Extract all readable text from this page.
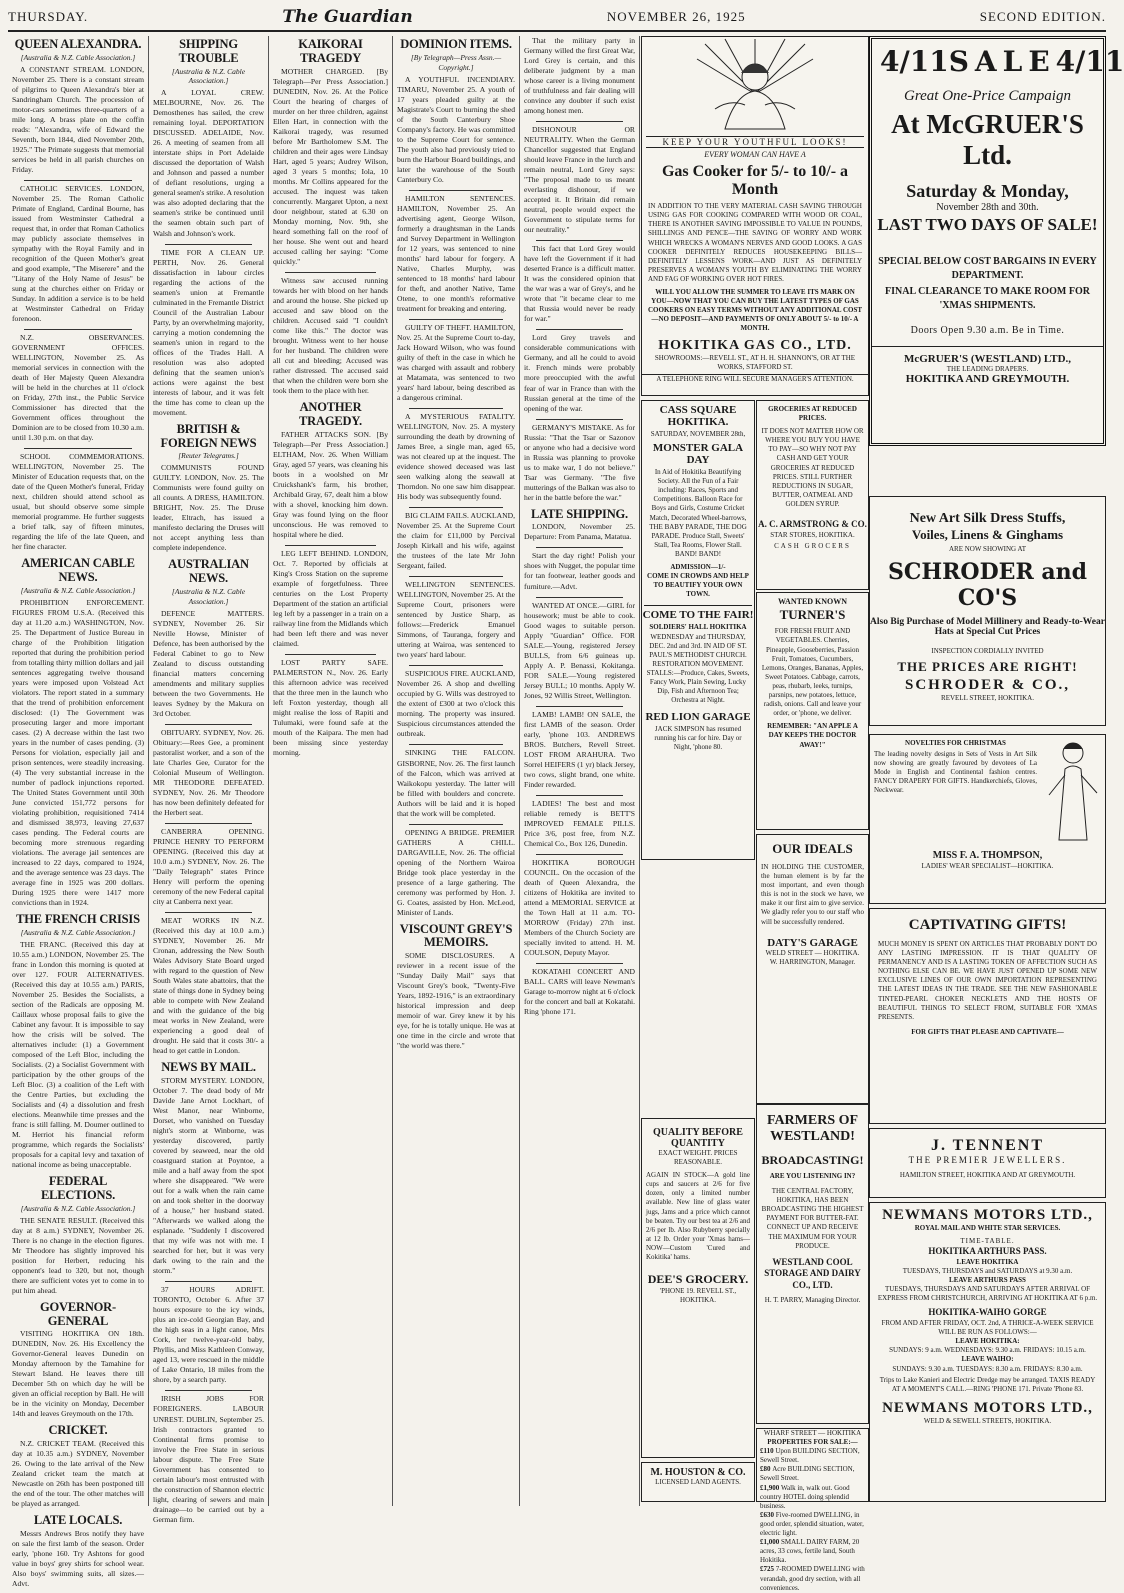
THURSDAY.	The Guardian	NOVEMBER 26, 1925	SECOND EDITION.
QUEEN ALEXANDRA.
[Australia & N.Z. Cable Association.]

A CONSTANT STREAM. LONDON, November 25. There is a constant stream of pilgrims to Queen Alexandra's bier at Sandringham Church. The procession of motor-cars sometimes three-quarters of a mile long. A brass plate on the coffin reads: "Alexandra, wife of Edward the Seventh, born 1844, died November 20th, 1925." The Primate suggests that memorial services be held in all parish churches on Friday.

CATHOLIC SERVICES. LONDON, November 25. The Roman Catholic Primate of England, Cardinal Bourne, has issued from Westminster Cathedral a request that, in order that Roman Catholics may publicly associate themselves in sympathy with the Royal Family and in recognition of the Queen Mother's great and good example, "The Miserere" and the "Litany of the Holy Name of Jesus" be sung at the churches either on Friday or Sunday. In addition a service is to be held at Westminster Cathedral on Friday forenoon.

N.Z. OBSERVANCES. GOVERNMENT OFFICES. WELLINGTON, November 25. As memorial services in connection with the death of Her Majesty Queen Alexandra will be held in the churches at 11 o'clock on Friday, 27th inst., the Public Service Commissioner has directed that the Government offices throughout the Dominion are to be closed from 10.30 a.m. until 1.30 p.m. on that day.

SCHOOL COMMEMORATIONS. WELLINGTON, November 25. The Minister of Education requests that, on the date of the Queen Mother's funeral, Friday next, children should attend school as usual, but should observe some simple memorial programme. He further suggests a brief talk, say of fifteen minutes, regarding the life of the late Queen, and her fine character.

AMERICAN CABLE NEWS.
[Australia & N.Z. Cable Association.]

PROHIBITION ENFORCEMENT. FIGURES FROM U.S.A. (Received this day at 11.20 a.m.) WASHINGTON, Nov. 25. The Department of Justice Bureau in charge of the Prohibition litigation reported that during the prohibition period from totalling thirty million dollars and jail sentences aggregating twelve thousand years were imposed upon Volstead Act violators. The report stated in a summary that the trend of prohibition enforcement disclosed: (1) The Government was prosecuting larger and more important cases. (2) A decrease within the last two years in the number of cases pending. (3) Persons for violation, especially jail and prison sentences, were steadily increasing. (4) The very substantial increase in the number of padlock injunctions reported. The United States Government until 30th June convicted 151,772 persons for violating prohibition, requisitioned 7414 and dismissed 38,973, leaving 27,637 cases pending. The Federal courts are becoming more strenuous regarding violations. The average jail sentences are increased to 22 days, compared to 1924, and the average sentence was 23 days. The average fine in 1925 was 200 dollars. During 1925 there were 1417 more convictions than in 1924.

THE FRENCH CRISIS
[Australia & N.Z. Cable Association.]

THE FRANC. (Received this day at 10.55 a.m.) LONDON, November 25. The franc in London this morning is quoted at over 127. FOUR ALTERNATIVES. (Received this day at 10.55 a.m.) PARIS, November 25. Besides the Socialists, a section of the Radicals are opposing M. Caillaux whose proposal fails to give the Cabinet any favour. It is impossible to say how the crisis will be solved. The alternatives include: (1) a Government composed of the Left Bloc, including the Socialists. (2) a Socialist Government with participation by the other groups of the Left Bloc. (3) a coalition of the Left with the Centre Parties, but excluding the Socialists and (4) a dissolution and fresh elections. Meanwhile time presses and the franc is still falling. M. Doumer outlined to M. Herriot his financial reform programme, which regards the Socialists' proposals for a capital levy and taxation of national income as being unacceptable.

FEDERAL ELECTIONS.
[Australia & N.Z. Cable Association.]

THE SENATE RESULT. (Received this day at 8 a.m.) SYDNEY, November 26. There is no change in the election figures. Mr Theodore has slightly improved his position for Herbert, reducing his opponent's lead to 320, but not, though there are sufficient votes yet to come in to put him ahead.

GOVERNOR-GENERAL

VISITING HOKITIKA ON 18th. DUNEDIN, Nov. 26. His Excellency the Governor-General leaves Dunedin on Monday afternoon by the Tamahine for Stewart Island. He leaves there till December 5th on which day he will be given an official reception by Ball. He will be in the vicinity on Monday, December 14th and leaves Greymouth on the 17th.

CRICKET.

N.Z. CRICKET TEAM. (Received this day at 10.35 a.m.) SYDNEY, November 26. Owing to the late arrival of the New Zealand cricket team the match at Newcastle on 26th has been postponed till the end of the tour. The other matches will be played as arranged.

LATE LOCALS.

Messrs Andrews Bros notify they have on sale the first lamb of the season. Order early, 'phone 160. Try Ashtons for good value in boys' grey shirts for school wear. Also boys' swimming suits, all sizes.—Advt.

SHIPPING TROUBLE
[Australia & N.Z. Cable Association.]

A LOYAL CREW. MELBOURNE, Nov. 26. The Demosthenes has sailed, the crew remaining loyal. DEPORTATION DISCUSSED. ADELAIDE, Nov. 26. A meeting of seamen from all interstate ships in Port Adelaide discussed the deportation of Walsh and Johnson and passed a number of defiant resolutions, urging a general seamen's strike. A resolution was also adopted declaring that the seamen's strike be continued until the seamen obtain such part of Walsh and Johnson's work.

TIME FOR A CLEAN UP. PERTH, Nov. 26. General dissatisfaction in labour circles regarding the actions of the seamen's union at Fremantle culminated in the Fremantle District Council of the Australian Labour Party, by an overwhelming majority, carrying a motion condemning the seamen's union in regard to the offices of the Trades Hall. A resolution was also adopted defining that the seamen union's actions were against the best interests of labour, and it was felt the time has come to clean up the movement.

BRITISH & FOREIGN NEWS
[Reuter Telegrams.]

COMMUNISTS FOUND GUILTY. LONDON, Nov. 25. The Communists were found guilty on all counts. A DRESS, HAMILTON. BRIGHT, Nov. 25. The Druse leader, Eltrach, has issued a manifesto declaring the Druses will not accept anything less than complete independence.

AUSTRALIAN NEWS.
[Australia & N.Z. Cable Association.]

DEFENCE MATTERS. SYDNEY, November 26. Sir Neville Howse, Minister of Defence, has been authorised by the Federal Cabinet to go to New Zealand to discuss outstanding financial matters concerning amendments and military supplies between the two Governments. He leaves Sydney by the Makura on 3rd October.

OBITUARY. SYDNEY, Nov. 26. Obituary:—Rees Gee, a prominent pastoralist worker, and a son of the late Charles Gee, Curator for the Colonial Museum of Wellington. MR THEODORE DEFEATED. SYDNEY, Nov. 26. Mr Theodore has now been definitely defeated for the Herbert seat.

CANBERRA OPENING. PRINCE HENRY TO PERFORM OPENING. (Received this day at 10.0 a.m.) SYDNEY, Nov. 26. The "Daily Telegraph" states Prince Henry will perform the opening ceremony of the new Federal capital city at Canberra next year.

MEAT WORKS IN N.Z. (Received this day at 10.0 a.m.) SYDNEY, November 26. Mr Cronan, addressing the New South Wales Advisory State Board urged with regard to the question of New South Wales state abattoirs, that the state of things done in Sydney being able to compete with New Zealand and with the guidance of the big meat works in New Zealand, were experiencing a good deal of drought. He said that it costs 30/- a head to get cattle in London.

NEWS BY MAIL.

STORM MYSTERY. LONDON, October 7. The dead body of Mr Davide Jane Arnot Lockhart, of West Manor, near Winborne, Dorset, who vanished on Tuesday night's storm at Winborne, was yesterday discovered, partly covered by seaweed, near the old coastguard station at Poyntoe, a mile and a half away from the spot where she disappeared. "We were out for a walk when the rain came on and took shelter in the doorway of a house," her husband stated. "Afterwards we walked along the esplanade. "Suddenly I discovered that my wife was not with me. I searched for her, but it was very dark owing to the rain and the storm."

37 HOURS ADRIFT. TORONTO, October 6. After 37 hours exposure to the icy winds, plus an ice-cold Georgian Bay, and the high seas in a light canoe, Mrs Cork, her twelve-year-old baby, Phyllis, and Miss Kathleen Conway, aged 13, were rescued in the middle of Lake Ontario, 18 miles from the shore, by a search party.

IRISH JOBS FOR FOREIGNERS. LABOUR UNREST. DUBLIN, September 25. Irish contractors granted to Continental firms promise to involve the Free State in serious labour dispute. The Free State Government has consented to certain labour's most entrusted with the construction of Shannon electric light, clearing of sewers and main drainage—to be carried out by a German firm.

KAIKORAI TRAGEDY

MOTHER CHARGED. [By Telegraph—Per Press Association.] DUNEDIN, Nov. 26. At the Police Court the hearing of charges of murder on her three children, against Ellen Hart, in connection with the Kaikorai tragedy, was resumed before Mr Bartholomew S.M. The children and their ages were Lindsay Hart, aged 5 years; Audrey Wilson, aged 3 years 5 months; Iola, 10 months. Mr Collins appeared for the accused. The inquest was taken concurrently. Margaret Upton, a next door neighbour, stated at 6.30 on Monday morning, Nov. 9th, she heard something fall on the roof of her house. She went out and heard accused calling her saying: "Come quickly."

Witness saw accused running towards her with blood on her hands and around the house. She picked up accused and saw blood on the children. Accused said "I couldn't come like this." The doctor was brought. Witness went to her house for her husband. The children were all cut and bleeding; Accused was rather distressed. The accused said that when the children were born she took them to the place with her.

ANOTHER TRAGEDY.

FATHER ATTACKS SON. [By Telegraph—Per Press Association.] ELTHAM, Nov. 26. When William Gray, aged 57 years, was cleaning his boots in a woolshed on Mr Cruickshank's farm, his brother, Archibald Gray, 67, dealt him a blow with a shovel, knocking him down. Gray was found lying on the floor unconscious. He was removed to hospital where he died.

LEG LEFT BEHIND. LONDON, Oct. 7. Reported by officials at King's Cross Station on the supreme example of forgetfulness. Three centuries on the Lost Property Department of the station an artificial leg left by a passenger in a train on a railway line from the Midlands which had been left there and was never claimed.

LOST PARTY SAFE. PALMERSTON N., Nov. 26. Early this afternoon advice was received that the three men in the launch who left Foxton yesterday, though all might realise the loss of Rapiti and Tulumaki, were found safe at the mouth of the Kaipara. The men had been missing since yesterday morning.

DOMINION ITEMS.
[By Telegraph—Press Assn.—Copyright.]

A YOUTHFUL INCENDIARY. TIMARU, November 25. A youth of 17 years pleaded guilty at the Magistrate's Court to burning the shed of the South Canterbury Shoe Company's factory. He was committed to the Supreme Court for sentence. The youth also had previously tried to burn the Harbour Board buildings, and later the warehouse of the South Canterbury Co.

HAMILTON SENTENCES. HAMILTON, November 25. An advertising agent, George Wilson, formerly a draughtsman in the Lands and Survey Department in Wellington for 12 years, was sentenced to nine months' hard labour for forgery. A Native, Charles Murphy, was sentenced to 18 months' hard labour for theft, and another Native, Tame Otene, to one month's reformative treatment for breaking and entering.

GUILTY OF THEFT. HAMILTON, Nov. 25. At the Supreme Court to-day, Jack Howard Wilson, who was found guilty of theft in the case in which he was charged with assault and robbery at Matamata, was sentenced to two years' hard labour, being described as a dangerous criminal.

A MYSTERIOUS FATALITY. WELLINGTON, Nov. 25. A mystery surrounding the death by drowning of James Bree, a single man, aged 65, was not cleared up at the inquest. The evidence showed deceased was last seen walking along the seawall at Thorndon. No one saw him disappear. His body was subsequently found.

BIG CLAIM FAILS. AUCKLAND, November 25. At the Supreme Court the claim for £11,000 by Percival Joseph Kirkall and his wife, against the trustees of the late Mr John Sergeant, failed.

WELLINGTON SENTENCES. WELLINGTON, November 25. At the Supreme Court, prisoners were sentenced by Justice Sharp, as follows:—Frederick Emanuel Simmons, of Tauranga, forgery and uttering at Wairoa, was sentenced to two years' hard labour.

SUSPICIOUS FIRE. AUCKLAND, November 26. A shop and dwelling occupied by G. Wills was destroyed to the extent of £300 at two o'clock this morning. The property was insured. Suspicious circumstances attended the outbreak.

SINKING THE FALCON. GISBORNE, Nov. 26. The first launch of the Falcon, which was arrived at Waikokopu yesterday. The latter will be filled with boulders and concrete. Authors will be laid and it is hoped that the work will be completed.

OPENING A BRIDGE. PREMIER GATHERS A CHILL. DARGAVILLE, Nov. 26. The official opening of the Northern Wairoa Bridge took place yesterday in the presence of a large gathering. The ceremony was performed by Hon. J. G. Coates, assisted by Hon. McLeod, Minister of Lands.

VISCOUNT GREY'S MEMOIRS.

SOME DISCLOSURES. A reviewer in a recent issue of the "Sunday Daily Mail" says that Viscount Grey's book, "Twenty-Five Years, 1892-1916," is an extraordinary historical impression and deep memoir of war. Grey knew it by his eye, for he is totally unique. He was at one time in the circle and wrote that "the world was there."

That the military party in Germany willed the first Great War, Lord Grey is certain, and this deliberate judgment by a man whose career is a living monument of truthfulness and fair dealing will convince any doubter if such exist among honest men.

DISHONOUR OR NEUTRALITY. When the German Chancellor suggested that England should leave France in the lurch and remain neutral, Lord Grey says: "The proposal made to us meant everlasting dishonour, if we accepted it. It Britain did remain neutral, people would expect the Government to stipulate terms for our neutrality."

This fact that Lord Grey would have left the Government if it had deserted France is a difficult matter. It was the considered opinion that the war was a war of Grey's, and he wrote that "it became clear to me that Russia would never be ready for war."

Lord Grey travels and considerable communications with Germany, and all he could to avoid it. French minds were probably more preoccupied with the awful fear of war in France than with the Russian general at the time of the opening of the war.

GERMANY'S MISTAKE. As for Russia: "That the Tsar or Sazonov or anyone who had a decisive word in Russia was planning to provoke us to make war, I do not believe." Tsar was Germany. "The five mutterings of the Balkan was also to her in the battle before the war."

LATE SHIPPING.

LONDON, November 25. Departure: From Panama, Matatua.

Start the day right! Polish your shoes with Nugget, the popular time for tan footwear, leather goods and furniture.—Advt.

WANTED AT ONCE.—GIRL for housework; must be able to cook. Good wages to suitable person. Apply "Guardian" Office. FOR SALE.—Young, registered Jersey BULLS, from 6/6 guineas up. Apply A. P. Benassi, Kokitanga. FOR SALE.—Young registered Jersey BULL; 10 months. Apply W. Jones, 92 Willis Street, Wellington.

LAMB! LAMB! ON SALE, the first LAMB of the season. Order early, 'phone 103. ANDREWS BROS. Butchers, Revell Street. LOST FROM ARAHURA. Two Sorrel HEIFERS (1 yr) black Jersey, two cows, slight brand, one white. Finder rewarded.

LADIES! The best and most reliable remedy is BETT'S IMPROVED FEMALE PILLS. Price 3/6, post free, from N.Z. Chemical Co., Box 126, Dunedin.

HOKITIKA BOROUGH COUNCIL. On the occasion of the death of Queen Alexandra, the citizens of Hokitika are invited to attend a MEMORIAL SERVICE at the Town Hall at 11 a.m. TO-MORROW (Friday) 27th inst. Members of the Church Society are specially invited to attend. H. M. COULSON, Deputy Mayor.

KOKATAHI CONCERT AND BALL. CARS will leave Newman's Garage to-morrow night at 6 o'clock for the concert and ball at Kokatahi. Ring 'phone 171.

KEEP YOUR YOUTHFUL LOOKS!
EVERY WOMAN CAN HAVE A
Gas Cooker for 5/- to 10/- a Month
IN ADDITION TO THE VERY MATERIAL CASH SAVING THROUGH USING GAS FOR COOKING COMPARED WITH WOOD OR COAL, THERE IS ANOTHER SAVING IMPOSSIBLE TO VALUE IN POUNDS, SHILLINGS AND PENCE—THE SAVING OF WORRY AND WORK WHICH WRECKS A WOMAN'S NERVES AND GOOD LOOKS. A GAS COOKER DEFINITELY REDUCES HOUSEKEEPING BILLS—DEFINITELY LESSENS WORK—AND JUST AS DEFINITELY PRESERVES A WOMAN'S YOUTH BY ELIMINATING THE WORRY AND FAG OF WORKING OVER HOT FIRES.
WILL YOU ALLOW THE SUMMER TO LEAVE ITS MARK ON YOU—NOW THAT YOU CAN BUY THE LATEST TYPES OF GAS COOKERS ON EASY TERMS WITHOUT ANY ADDITIONAL COST—NO DEPOSIT—AND PAYMENTS OF ONLY ABOUT 5/- to 10/- A MONTH.
HOKITIKA GAS CO., LTD.
SHOWROOMS:—REVELL ST., AT H. H. SHANNON'S, OR AT THE WORKS, STAFFORD ST.
A TELEPHONE RING WILL SECURE MANAGER'S ATTENTION.
4/11 SALE 4/11
Great One-Price Campaign
At McGRUER'S Ltd.
Saturday & Monday,
November 28th and 30th.
LAST TWO DAYS OF SALE!
SPECIAL BELOW COST BARGAINS IN EVERY DEPARTMENT.
FINAL CLEARANCE TO MAKE ROOM FOR 'XMAS SHIPMENTS.
Doors Open 9.30 a.m. Be in Time.
McGRUER'S (WESTLAND) LTD.,
THE LEADING DRAPERS.
HOKITIKA AND GREYMOUTH.
CASS SQUARE HOKITIKA.
SATURDAY, NOVEMBER 28th,
MONSTER GALA DAY
In Aid of Hokitika Beautifying Society. All the Fun of a Fair including: Races, Sports and Competitions. Balloon Race for Boys and Girls, Costume Cricket Match, Decorated Wheel-barrows, THE BABY PARADE, THE DOG PARADE. Produce Stall, Sweets' Stall, Tea Rooms, Flower Stall. BAND! BAND!
ADMISSION—1/-
COME IN CROWDS AND HELP TO BEAUTIFY YOUR OWN TOWN.
COME TO THE FAIR!
SOLDIERS' HALL HOKITIKA
WEDNESDAY and THURSDAY, DEC. 2nd and 3rd. IN AID OF ST. PAUL'S METHODIST CHURCH. RESTORATION MOVEMENT. STALLS:—Produce, Cakes, Sweets, Fancy Work, Plain Sewing, Lucky Dip, Fish and Afternoon Tea; Orchestra at Night.
RED LION GARAGE
JACK SIMPSON has resumed running his car for hire. Day or Night, 'phone 80.
GROCERIES AT REDUCED PRICES.
IT DOES NOT MATTER HOW OR WHERE YOU BUY YOU HAVE TO PAY—SO WHY NOT PAY CASH AND GET YOUR GROCERIES AT REDUCED PRICES. STILL FURTHER REDUCTIONS IN SUGAR, BUTTER, OATMEAL AND GOLDEN SYRUP.
A. C. ARMSTRONG & CO.
STAR STORES, HOKITIKA.
CASH GROCERS
WANTED KNOWN
TURNER'S
FOR FRESH FRUIT AND VEGETABLES. Cherries, Pineapple, Gooseberries, Passion Fruit, Tomatoes, Cucumbers, Lemons, Oranges, Bananas, Apples, Sweet Potatoes. Cabbage, carrots, peas, rhubarb, leeks, turnips, parsnips, new potatoes, lettuce, radish, onions. Call and leave your order, or 'phone, we deliver.
REMEMBER: "AN APPLE A DAY KEEPS THE DOCTOR AWAY!"
New Art Silk Dress Stuffs,
Voiles, Linens & Ginghams
ARE NOW SHOWING AT
SCHRODER and CO'S
Also Big Purchase of Model Millinery and Ready-to-Wear Hats at Special Cut Prices
INSPECTION CORDIALLY INVITED
THE PRICES ARE RIGHT!
SCHRODER & CO.,
REVELL STREET, HOKITIKA.
NOVELTIES FOR CHRISTMAS
The leading novelty designs in Sets of Vests in Art Silk now showing are greatly favoured by devotees of La Mode in English and Continental fashion centres. FANCY DRAPERY FOR GIFTS. Handkerchiefs, Gloves, Neckwear.
MISS F. A. THOMPSON,
LADIES' WEAR SPECIALIST—HOKITIKA.
OUR IDEALS
IN HOLDING THE CUSTOMER, the human element is by far the most important, and even though this is not in the stock we have, we make it our first aim to give service. We gladly refer you to our staff who will be successfully rendered.
DATY'S GARAGE
WELD STREET — HOKITIKA.
W. HARRINGTON, Manager.
FARMERS OF
WESTLAND!
BROADCASTING!
ARE YOU LISTENING IN?
THE CENTRAL FACTORY, HOKITIKA, HAS BEEN BROADCASTING THE HIGHEST PAYMENT FOR BUTTER-FAT. CONNECT UP AND RECEIVE THE MAXIMUM FOR YOUR PRODUCE.
WESTLAND COOL STORAGE AND DAIRY CO., LTD.
H. T. PARRY, Managing Director.
CAPTIVATING GIFTS!
MUCH MONEY IS SPENT ON ARTICLES THAT PROBABLY DON'T DO ANY LASTING IMPRESSION. IT IS THAT QUALITY OF PERMANENCY AND IS A LASTING TOKEN OF AFFECTION SUCH AS NOTHING ELSE CAN BE. WE HAVE JUST OPENED UP SOME NEW EXCLUSIVE LINES OF OUR OWN IMPORTATION REPRESENTING THE LATEST IDEAS IN THE TRADE. SEE THE NEW FASHIONABLE TINTED-PEARL CHOKER NECKLETS AND THE HOSTS OF BEAUTIFUL THINGS TO SELECT FROM, SUITABLE FOR 'XMAS PRESENTS.
FOR GIFTS THAT PLEASE AND CAPTIVATE—
J. TENNENT
THE PREMIER JEWELLERS.
HAMILTON STREET, HOKITIKA AND AT GREYMOUTH.
QUALITY BEFORE QUANTITY
EXACT WEIGHT. PRICES REASONABLE.
AGAIN IN STOCK—A gold line cups and saucers at 2/6 for five dozen, only a limited number available. New line of glass water jugs, Jams and a price which cannot be beaten. Try our best tea at 2/6 and 2/6 per lb. Also Rubyberry specially at 12 lb. Order your 'Xmas hams—NOW—Custom 'Cured and Kokitika' hams.
DEE'S GROCERY.
'PHONE 19. REVELL ST., HOKITIKA.
NEWMANS MOTORS LTD.,
ROYAL MAIL AND WHITE STAR SERVICES.
TIME-TABLE.
HOKITIKA ARTHURS PASS.
LEAVE HOKITIKA
TUESDAYS, THURSDAYS and SATURDAYS at 9.30 a.m.
LEAVE ARTHURS PASS
TUESDAYS, THURSDAYS AND SATURDAYS AFTER ARRIVAL OF EXPRESS FROM CHRISTCHURCH, ARRIVING AT HOKITIKA AT 6 p.m.
HOKITIKA-WAIHO GORGE
FROM AND AFTER FRIDAY, OCT. 2nd, A THRICE-A-WEEK SERVICE WILL BE RUN AS FOLLOWS:—
LEAVE HOKITIKA:
SUNDAYS: 9 a.m. WEDNESDAYS: 9.30 a.m. FRIDAYS: 10.15 a.m.
LEAVE WAIHO:
SUNDAYS: 9.30 a.m. TUESDAYS: 8.30 a.m. FRIDAYS: 8.30 a.m.
Trips to Lake Kanieri and Electric Dredge may be arranged. TAXIS READY AT A MOMENT'S CALL.—RING 'PHONE 171. Private 'Phone 83.
NEWMANS MOTORS LTD.,
WELD & SEWELL STREETS, HOKITIKA.
M. HOUSTON & CO.
LICENSED LAND AGENTS.
WHARF STREET — HOKITIKA
PROPERTIES FOR SALE:—
£110 Upon BUILDING SECTION, Sewell Street.
£80 Acre BUILDING SECTION, Sewell Street.
£1,900 Walk in, walk out. Good country HOTEL doing splendid business.
£630 Five-roomed DWELLING, in good order, splendid situation, water, electric light.
£1,000 SMALL DAIRY FARM, 20 acres, 33 cows, fertile land, South Hokitika.
£725 7-ROOMED DWELLING with verandah, good dry section, with all conveniences.
